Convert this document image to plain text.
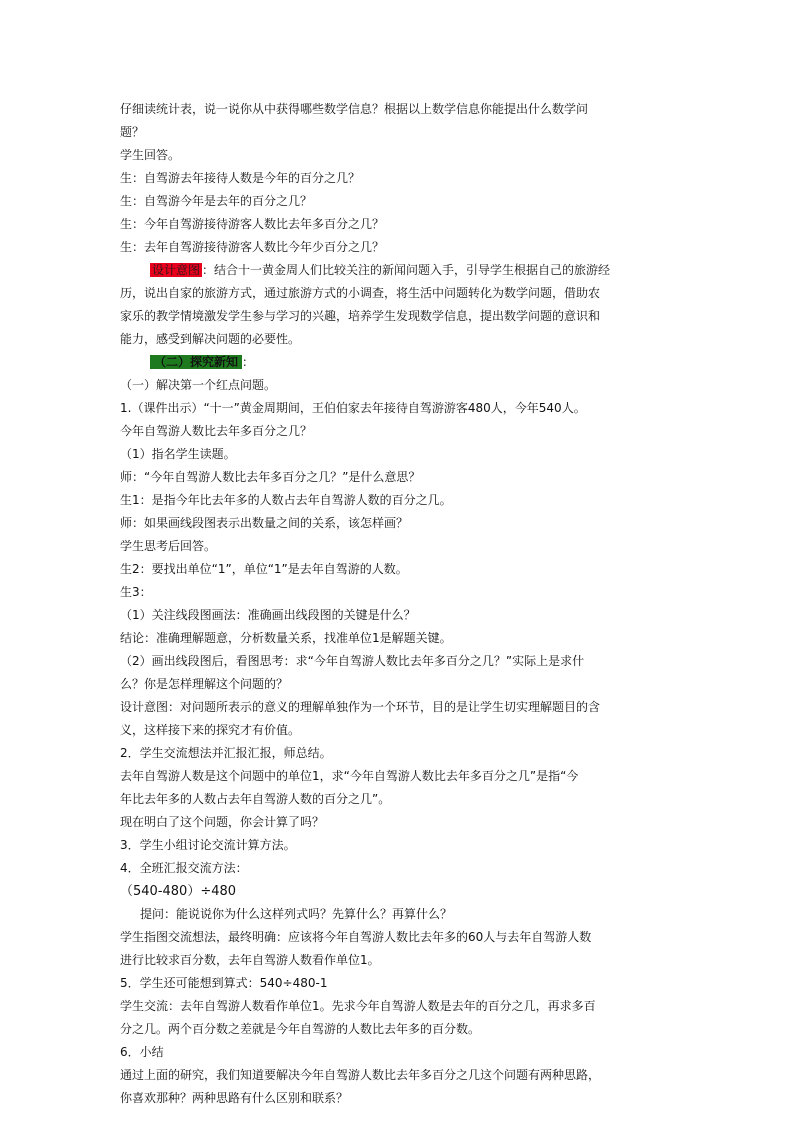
仔细读统计表，说一说你从中获得哪些数学信息？根据以上数学信息你能提出什么数学问

题？

学生回答。

生：自驾游去年接待人数是今年的百分之几？

生：自驾游今年是去年的百分之几？

生：今年自驾游接待游客人数比去年多百分之几？

生：去年自驾游接待游客人数比今年少百分之几？

设计意图 ：结合十一黄金周人们比较关注的新闻问题入手，引导学生根据自己的旅游经

历，说出自家的旅游方式，通过旅游方式的小调查，将生活中问题转化为数学问题，借助农

家乐的教学情境激发学生参与学习的兴趣，培养学生发现数学信息，提出数学问题的意识和

能力，感受到解决问题的必要性。

（二）探究新知 ：

（一）解决第一个红点问题。

1.（课件出示）“十一”黄金周期间，王伯伯家去年接待自驾游游客480人，今年540人。

今年自驾游人数比去年多百分之几？

（1）指名学生读题。

师：“今年自驾游人数比去年多百分之几？”是什么意思？

生1：是指今年比去年多的人数占去年自驾游人数的百分之几。

师：如果画线段图表示出数量之间的关系，该怎样画？

学生思考后回答。

生2：要找出单位“1”，单位“1”是去年自驾游的人数。

生3：

（1）关注线段图画法：准确画出线段图的关键是什么？

结论：准确理解题意，分析数量关系，找准单位1是解题关键。

（2）画出线段图后，看图思考：求“今年自驾游人数比去年多百分之几？”实际上是求什

么？你是怎样理解这个问题的？

设计意图：对问题所表示的意义的理解单独作为一个环节，目的是让学生切实理解题目的含

义，这样接下来的探究才有价值。

2．学生交流想法并汇报汇报，师总结。

去年自驾游人数是这个问题中的单位1，求“今年自驾游人数比去年多百分之几”是指“今

年比去年多的人数占去年自驾游人数的百分之几”。

现在明白了这个问题，你会计算了吗？

3．学生小组讨论交流计算方法。

4．全班汇报交流方法：

（540-480）÷480

提问：能说说你为什么这样列式吗？先算什么？再算什么？

学生指图交流想法，最终明确：应该将今年自驾游人数比去年多的60人与去年自驾游人数

进行比较求百分数，去年自驾游人数看作单位1。

5．学生还可能想到算式：540÷480-1

学生交流：去年自驾游人数看作单位1。先求今年自驾游人数是去年的百分之几，再求多百

分之几。两个百分数之差就是今年自驾游的人数比去年多的百分数。

6．小结

通过上面的研究，我们知道要解决今年自驾游人数比去年多百分之几这个问题有两种思路，

你喜欢那种？两种思路有什么区别和联系？
